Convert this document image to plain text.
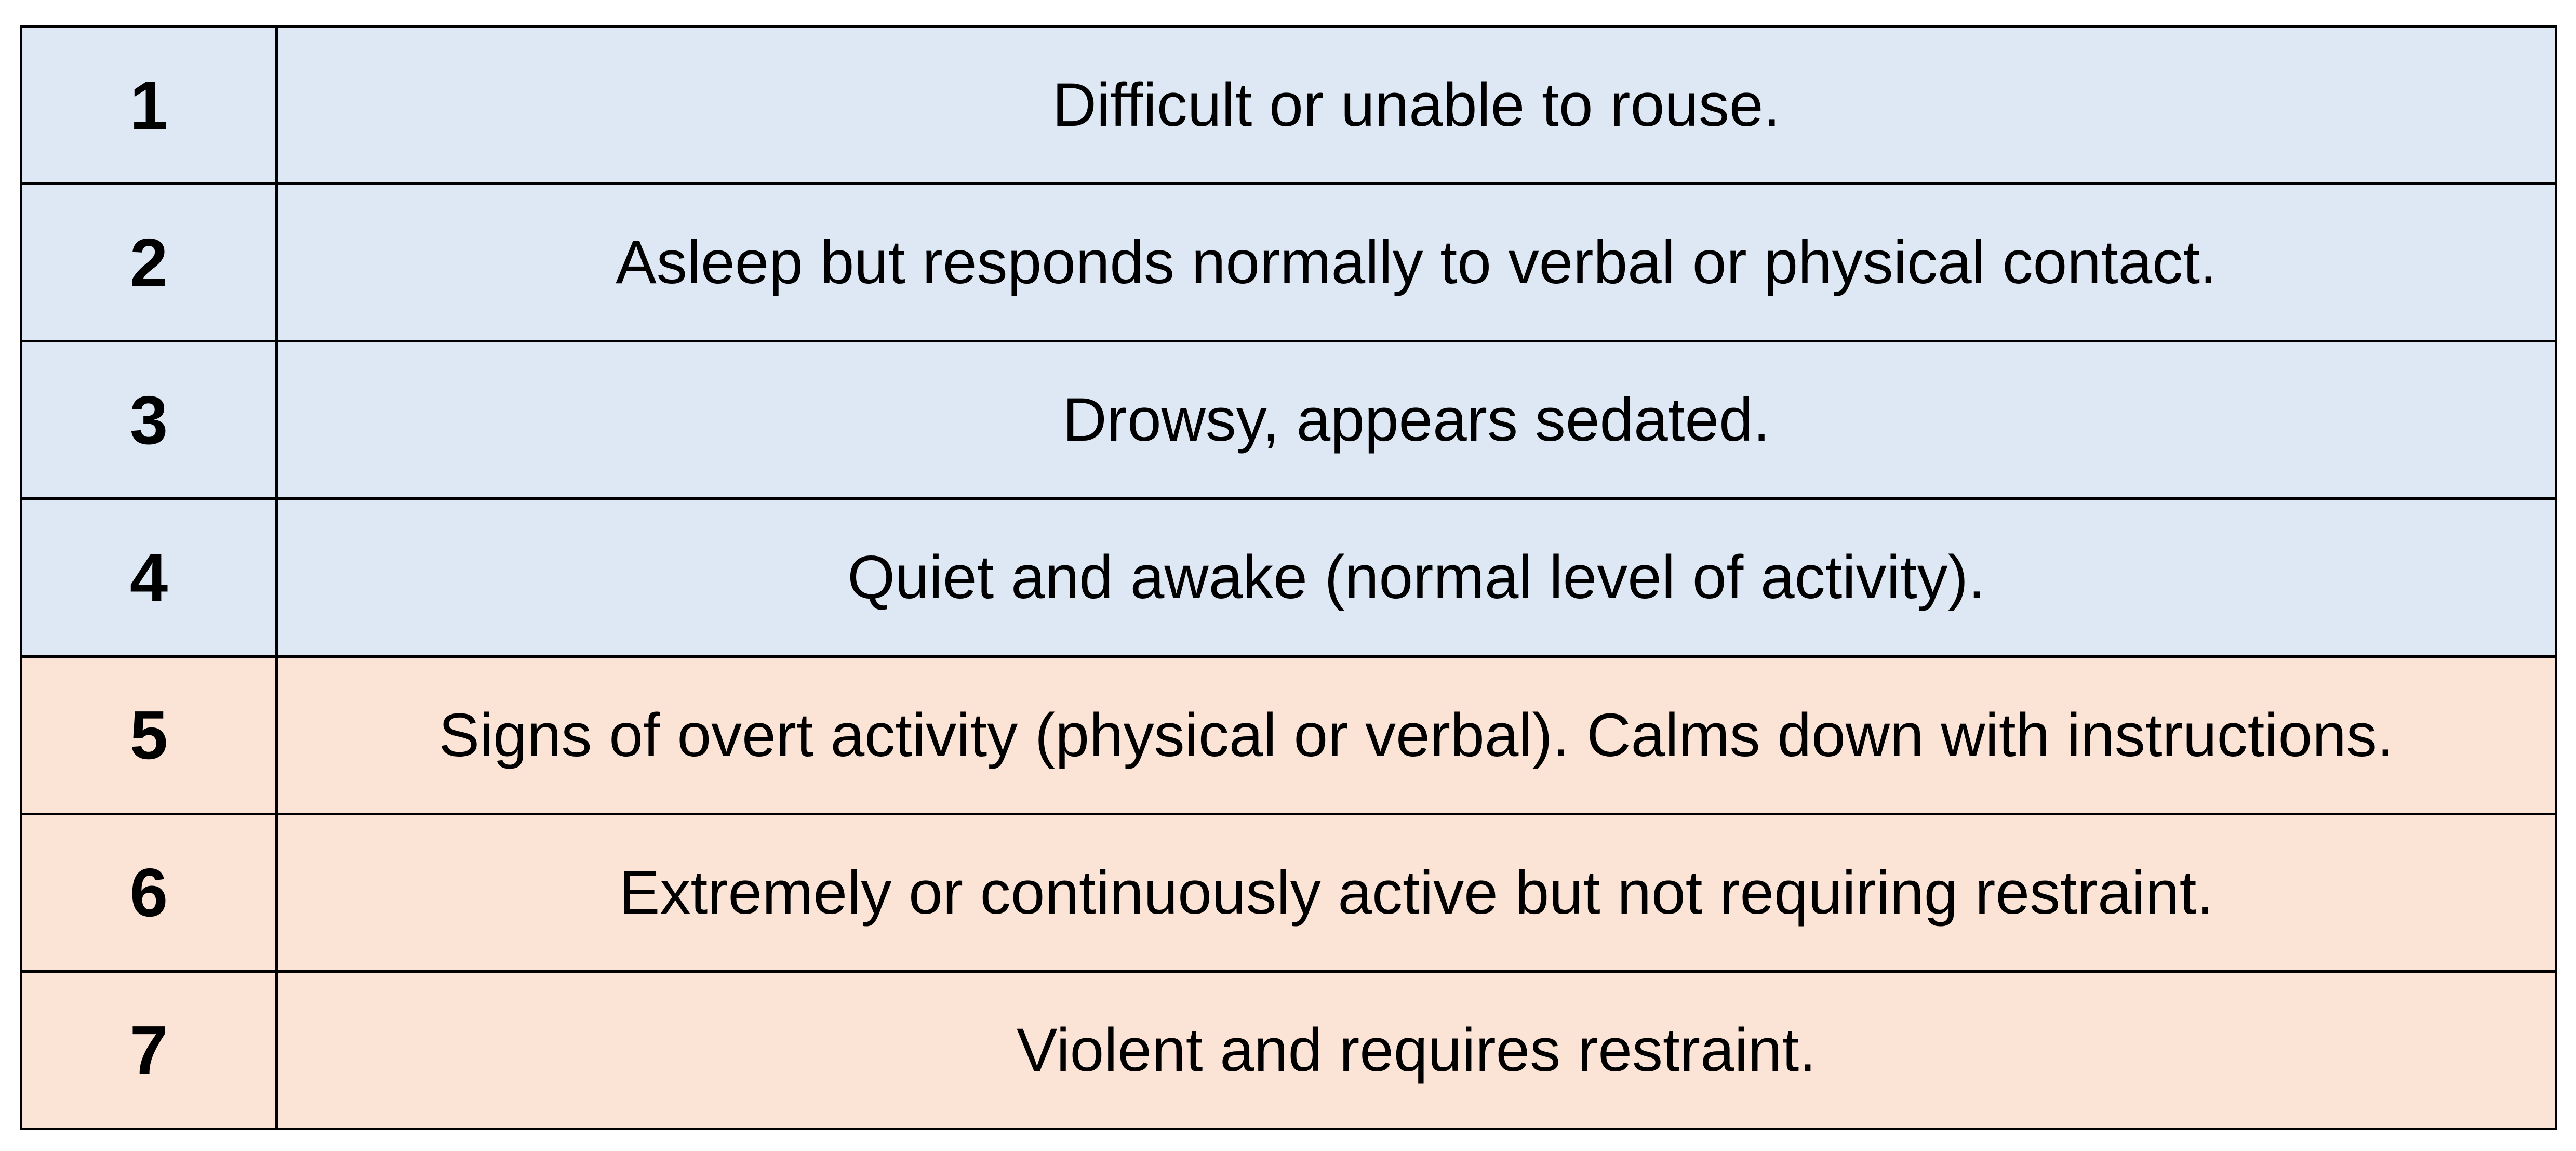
1	Difficult or unable to rouse.
2	Asleep but responds normally to verbal or physical contact.
3	Drowsy, appears sedated.
4	Quiet and awake (normal level of activity).
5	Signs of overt activity (physical or verbal). Calms down with instructions.
6	Extremely or continuously active but not requiring restraint.
7	Violent and requires restraint.
